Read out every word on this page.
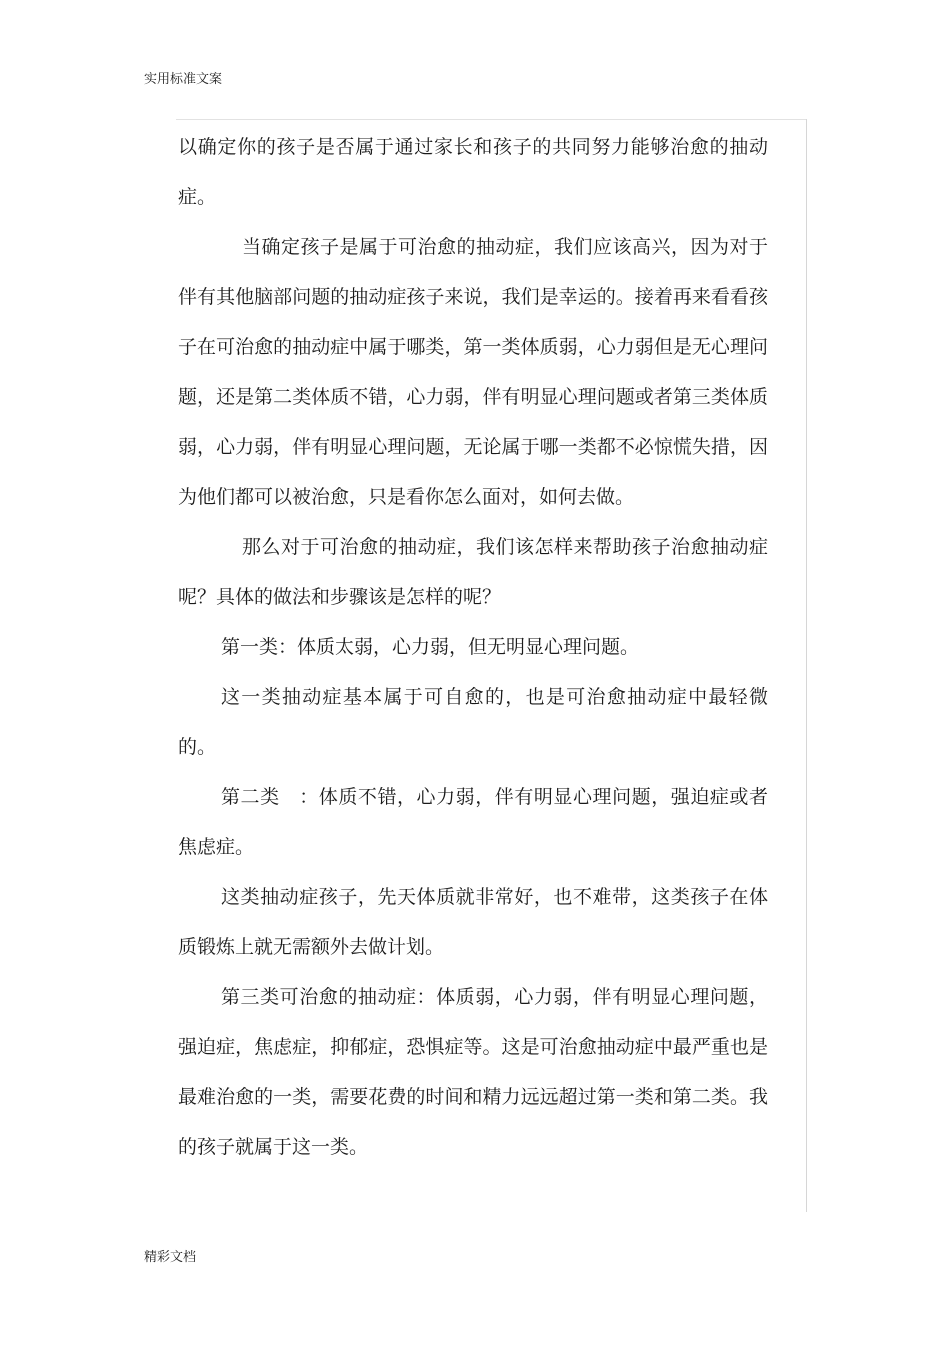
实用标准文案

以确定你的孩子是否属于通过家长和孩子的共同努力能够治愈的抽动症。

当确定孩子是属于可治愈的抽动症，我们应该高兴，因为对于伴有其他脑部问题的抽动症孩子来说，我们是幸运的。接着再来看看孩子在可治愈的抽动症中属于哪类，第一类体质弱，心力弱但是无心理问题，还是第二类体质不错，心力弱，伴有明显心理问题或者第三类体质弱，心力弱，伴有明显心理问题，无论属于哪一类都不必惊慌失措，因为他们都可以被治愈，只是看你怎么面对，如何去做。

那么对于可治愈的抽动症，我们该怎样来帮助孩子治愈抽动症呢？具体的做法和步骤该是怎样的呢？

第一类：体质太弱，心力弱，但无明显心理问题。

这一类抽动症基本属于可自愈的，也是可治愈抽动症中最轻微的。

第二类　：体质不错，心力弱，伴有明显心理问题，强迫症或者焦虑症。

这类抽动症孩子，先天体质就非常好，也不难带，这类孩子在体质锻炼上就无需额外去做计划。

第三类可治愈的抽动症：体质弱，心力弱，伴有明显心理问题，强迫症，焦虑症，抑郁症，恐惧症等。这是可治愈抽动症中最严重也是最难治愈的一类，需要花费的时间和精力远远超过第一类和第二类。我的孩子就属于这一类。

精彩文档
